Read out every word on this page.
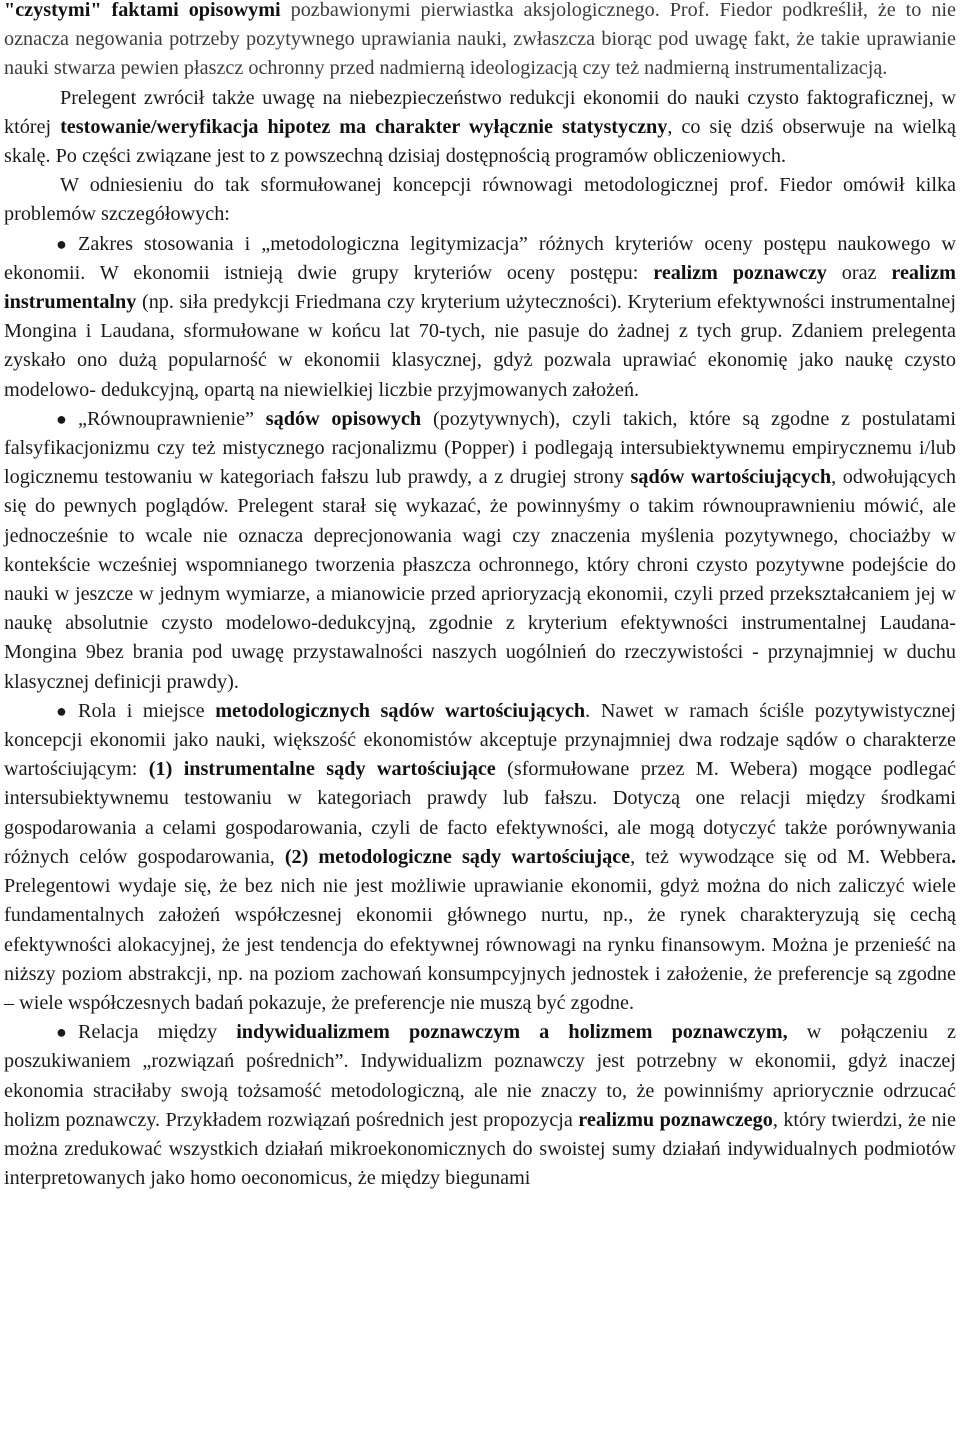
"czystymi" faktami opisowymi pozbawionymi pierwiastka aksjologicznego. Prof. Fiedor podkreślił, że to nie oznacza negowania potrzeby pozytywnego uprawiania nauki, zwłaszcza biorąc pod uwagę fakt, że takie uprawianie nauki stwarza pewien płaszcz ochronny przed nadmierną ideologizacją czy też nadmierną instrumentalizacją.

Prelegent zwrócił także uwagę na niebezpieczeństwo redukcji ekonomii do nauki czysto faktograficznej, w której testowanie/weryfikacja hipotez ma charakter wyłącznie statystyczny, co się dziś obserwuje na wielką skalę. Po części związane jest to z powszechną dzisiaj dostępnością programów obliczeniowych.

W odniesieniu do tak sformułowanej koncepcji równowagi metodologicznej prof. Fiedor omówił kilka problemów szczegółowych:

● Zakres stosowania i „metodologiczna legitymizacja” różnych kryteriów oceny postępu naukowego w ekonomii. W ekonomii istnieją dwie grupy kryteriów oceny postępu: realizm poznawczy oraz realizm instrumentalny (np. siła predykcji Friedmana czy kryterium użyteczności). Kryterium efektywności instrumentalnej Mongina i Laudana, sformułowane w końcu lat 70-tych, nie pasuje do żadnej z tych grup. Zdaniem prelegenta zyskało ono dużą popularność w ekonomii klasycznej, gdyż pozwala uprawiać ekonomię jako naukę czysto modelowo- dedukcyjną, opartą na niewielkiej liczbie przyjmowanych założeń.

● „Równouprawnienie” sądów opisowych (pozytywnych), czyli takich, które są zgodne z postulatami falsyfikacjonizmu czy też mistycznego racjonalizmu (Popper) i podlegają intersubiektywnemu empirycznemu i/lub logicznemu testowaniu w kategoriach fałszu lub prawdy, a z drugiej strony sądów wartościujących, odwołujących się do pewnych poglądów. Prelegent starał się wykazać, że powinnyśmy o takim równouprawnieniu mówić, ale jednocześnie to wcale nie oznacza deprecjonowania wagi czy znaczenia myślenia pozytywnego, chociażby w kontekście wcześniej wspomnianego tworzenia płaszcza ochronnego, który chroni czysto pozytywne podejście do nauki w jeszcze w jednym wymiarze, a mianowicie przed aprioryzacją ekonomii, czyli przed przekształcaniem jej w naukę absolutnie czysto modelowo-dedukcyjną, zgodnie z kryterium efektywności instrumentalnej Laudana-Mongina 9bez brania pod uwagę przystawalności naszych uogólnień do rzeczywistości - przynajmniej w duchu klasycznej definicji prawdy).

● Rola i miejsce metodologicznych sądów wartościujących. Nawet w ramach ściśle pozytywistycznej koncepcji ekonomii jako nauki, większość ekonomistów akceptuje przynajmniej dwa rodzaje sądów o charakterze wartościującym: (1) instrumentalne sądy wartościujące (sformułowane przez M. Webera) mogące podlegać intersubiektywnemu testowaniu w kategoriach prawdy lub fałszu. Dotyczą one relacji między środkami gospodarowania a celami gospodarowania, czyli de facto efektywności, ale mogą dotyczyć także porównywania różnych celów gospodarowania, (2) metodologiczne sądy wartościujące, też wywodzące się od M. Webbera. Prelegentowi wydaje się, że bez nich nie jest możliwie uprawianie ekonomii, gdyż można do nich zaliczyć wiele fundamentalnych założeń współczesnej ekonomii głównego nurtu, np., że rynek charakteryzują się cechą efektywności alokacyjnej, że jest tendencja do efektywnej równowagi na rynku finansowym. Można je przenieść na niższy poziom abstrakcji, np. na poziom zachowań konsumpcyjnych jednostek i założenie, że preferencje są zgodne – wiele współczesnych badań pokazuje, że preferencje nie muszą być zgodne.

● Relacja między indywidualizmem poznawczym a holizmem poznawczym, w połączeniu z poszukiwaniem „rozwiązań pośrednich”. Indywidualizm poznawczy jest potrzebny w ekonomii, gdyż inaczej ekonomia straciłaby swoją tożsamość metodologiczną, ale nie znaczy to, że powinniśmy apriorycznie odrzucać holizm poznawczy. Przykładem rozwiązań pośrednich jest propozycja realizmu poznawczego, który twierdzi, że nie można zredukować wszystkich działań mikroekonomicznych do swoistej sumy działań indywidualnych podmiotów interpretowanych jako homo oeconomicus, że między biegunami
